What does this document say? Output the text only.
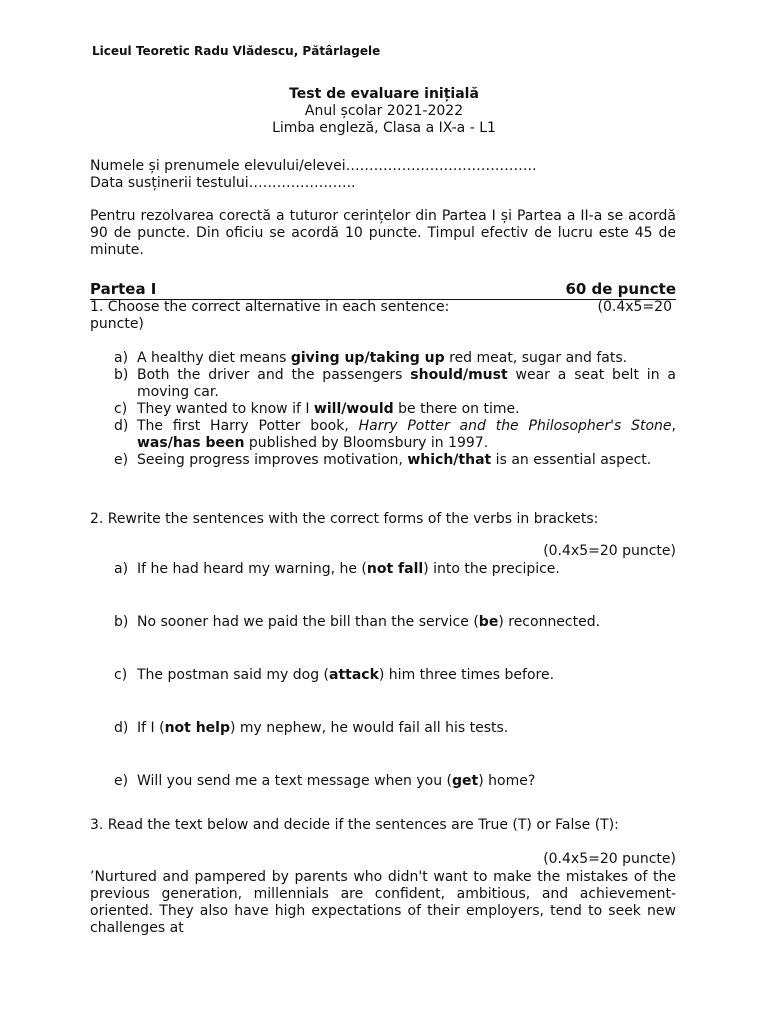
Liceul Teoretic Radu Vlădescu, Pătârlagele
Test de evaluare inițială
Anul școlar 2021-2022
Limba engleză, Clasa a IX-a - L1
Numele și prenumele elevului/elevei………………….……………….
Data susținerii testului…………………..
Pentru rezolvarea corectă a tuturor cerințelor din Partea I și Partea a II-a se acordă 90 de puncte. Din oficiu se acordă 10 puncte. Timpul efectiv de lucru este 45 de minute.
Partea I	60 de puncte
1. Choose the correct alternative in each sentence:	(0.4x5=20
puncte)
a) A healthy diet means giving up/taking up red meat, sugar and fats.
b) Both the driver and the passengers should/must wear a seat belt in a moving car.
c) They wanted to know if I will/would be there on time.
d) The first Harry Potter book, Harry Potter and the Philosopher's Stone, was/has been published by Bloomsbury in 1997.
e) Seeing progress improves motivation, which/that is an essential aspect.
2. Rewrite the sentences with the correct forms of the verbs in brackets:
(0.4x5=20 puncte)
a) If he had heard my warning, he (not fall) into the precipice.
b) No sooner had we paid the bill than the service (be) reconnected.
c) The postman said my dog (attack) him three times before.
d) If I (not help) my nephew, he would fail all his tests.
e) Will you send me a text message when you (get) home?
3. Read the text below and decide if the sentences are True (T) or False (T):
(0.4x5=20 puncte)
’Nurtured and pampered by parents who didn't want to make the mistakes of the previous generation, millennials are confident, ambitious, and achievement-oriented. They also have high expectations of their employers, tend to seek new challenges at
